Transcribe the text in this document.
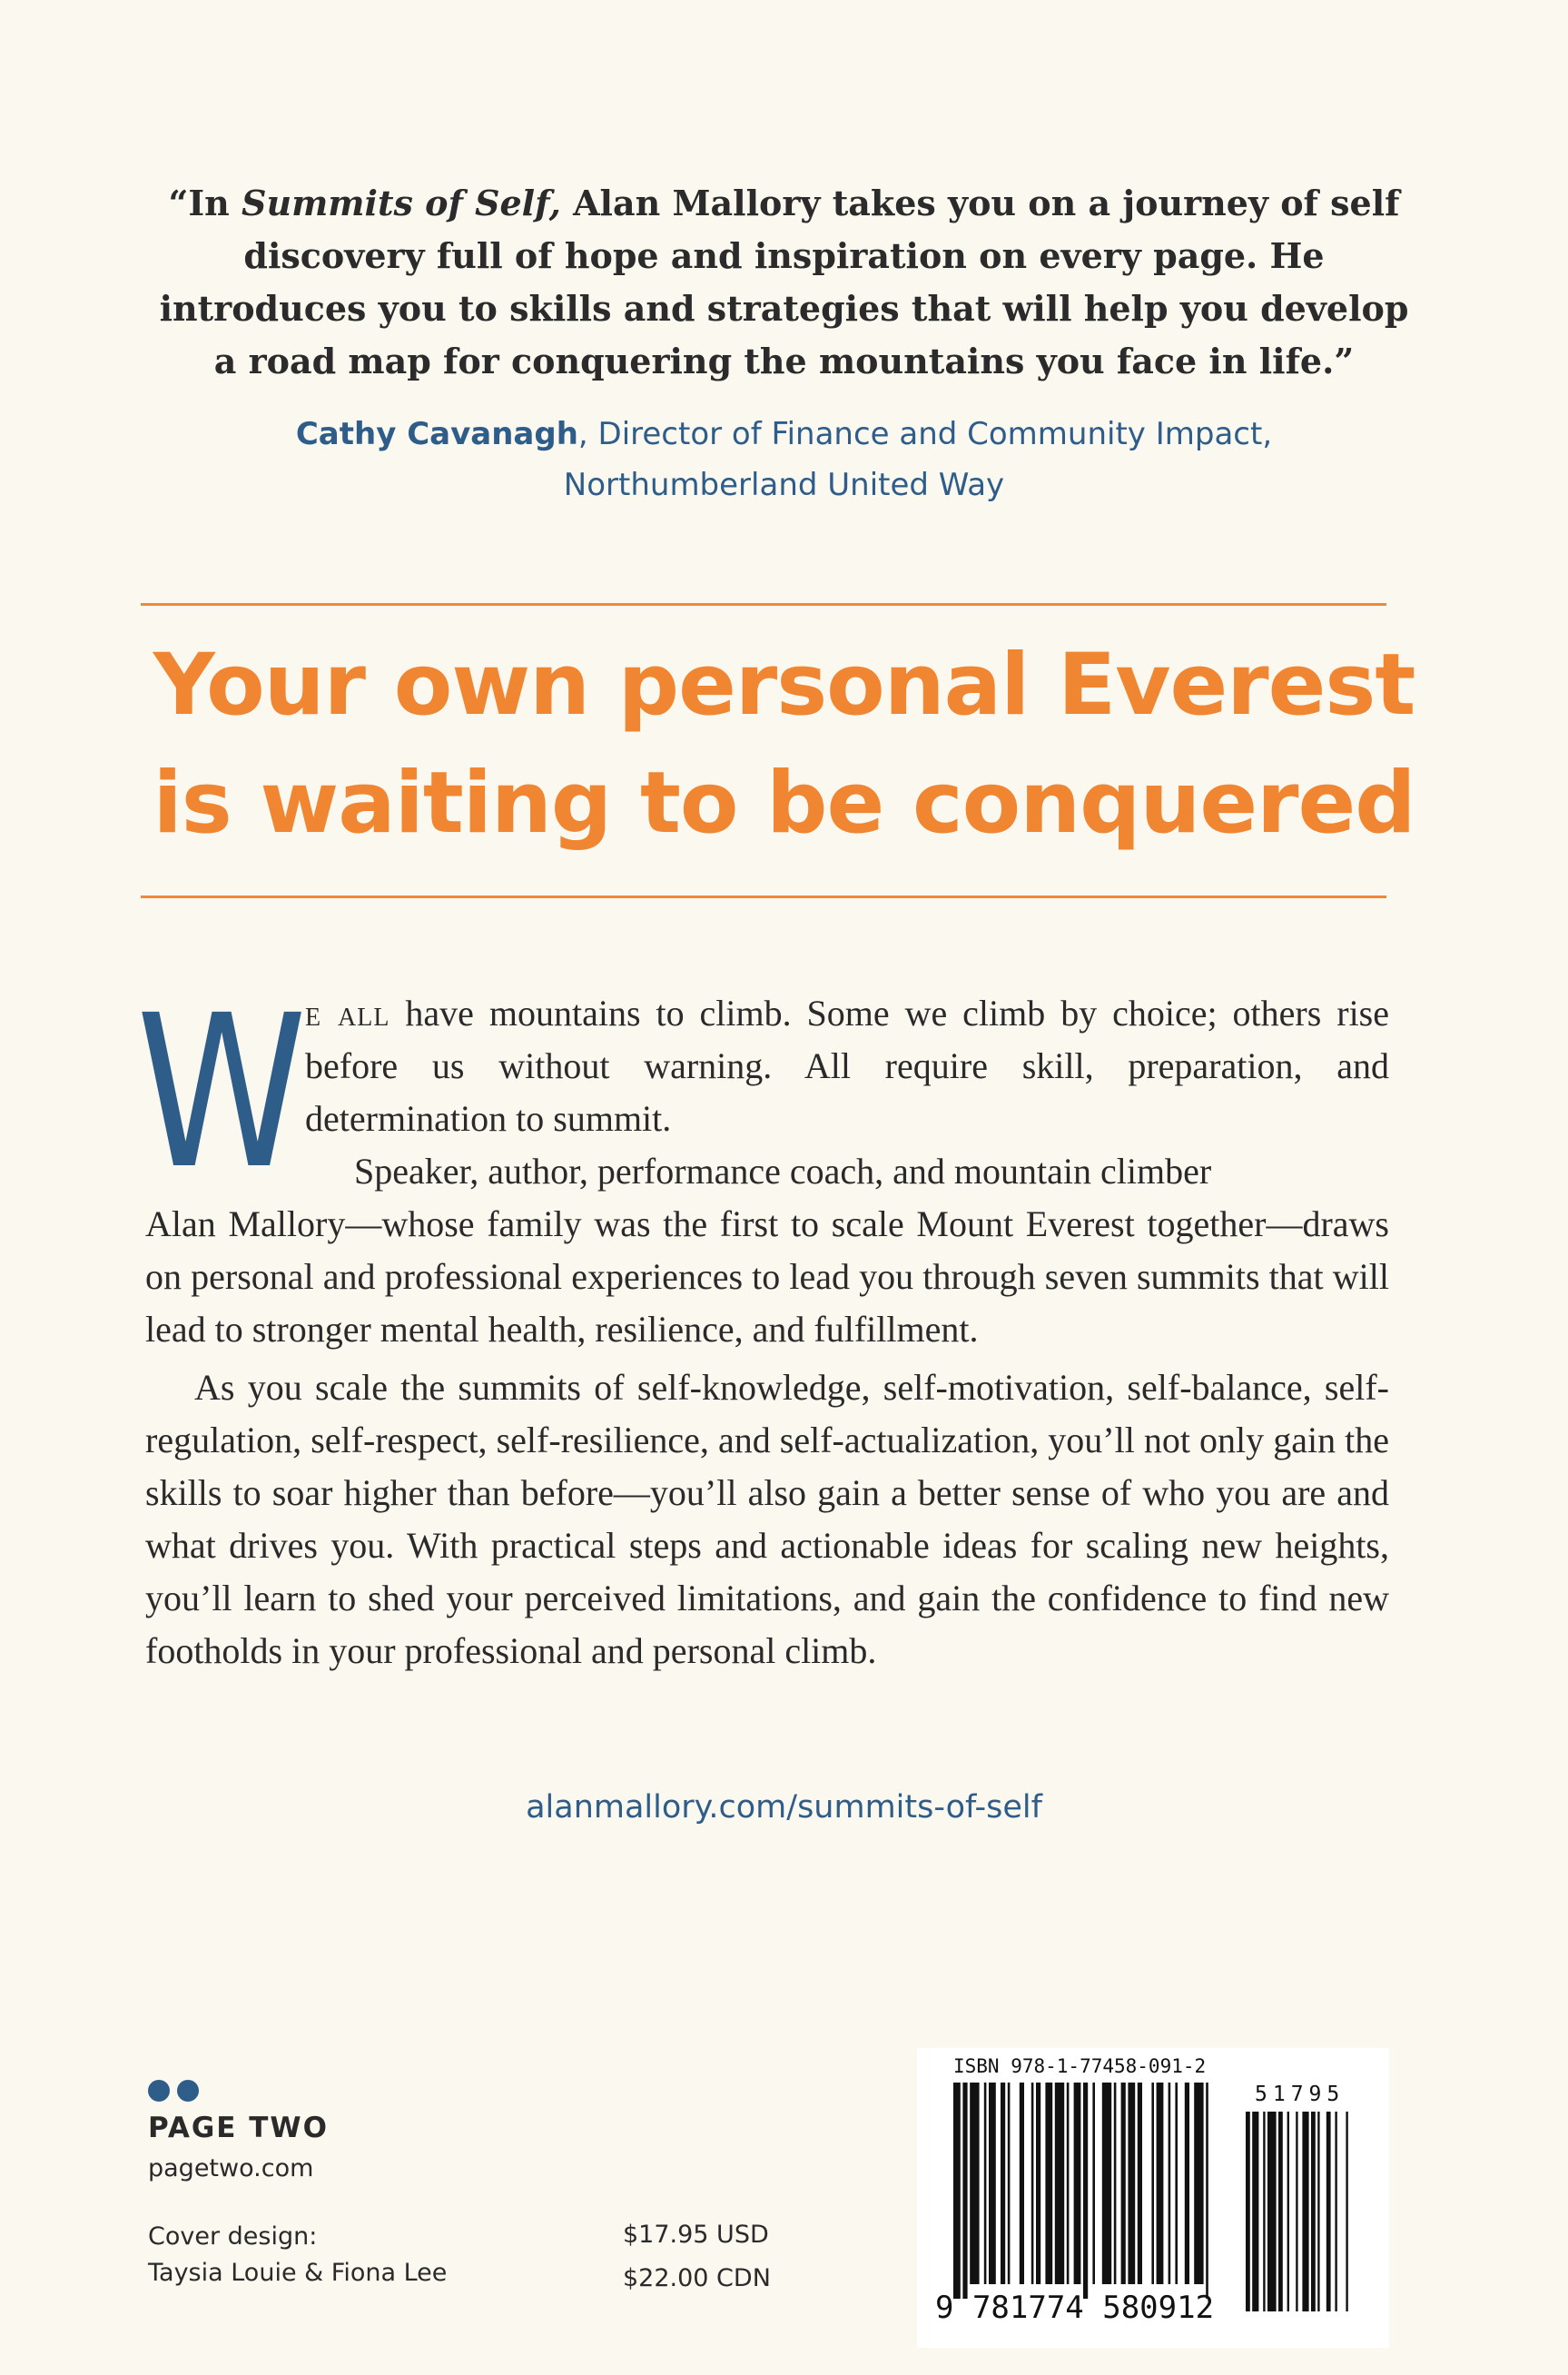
“In Summits of Self, Alan Mallory takes you on a journey of self discovery full of hope and inspiration on every page. He introduces you to skills and strategies that will help you develop a road map for conquering the mountains you face in life.”
Cathy Cavanagh, Director of Finance and Community Impact,
Northumberland United Way
Your own personal Everest
is waiting to be conquered
W

e all have mountains to climb. Some we climb by choice; others rise before us without warning. All require skill, preparation, and determination to summit.

Speaker, author, performance coach, and mountain climber

Alan Mallory—whose family was the first to scale Mount Everest together—draws on personal and professional experiences to lead you through seven summits that will lead to stronger mental health, resilience, and fulfillment.

As you scale the summits of self-knowledge, self-motivation, self-balance, self-regulation, self-respect, self-resilience, and self-actualization, you’ll not only gain the skills to soar higher than before—you’ll also gain a better sense of who you are and what drives you. With practical steps and actionable ideas for scaling new heights, you’ll learn to shed your perceived limitations, and gain the confidence to find new footholds in your professional and personal climb.

alanmallory.com/summits-of-self
PAGE TWO
pagetwo.com
Cover design:
Taysia Louie & Fiona Lee
$17.95 USD
$22.00 CDN
ISBN 978-1-77458-091-2
51795
9 781774 580912
